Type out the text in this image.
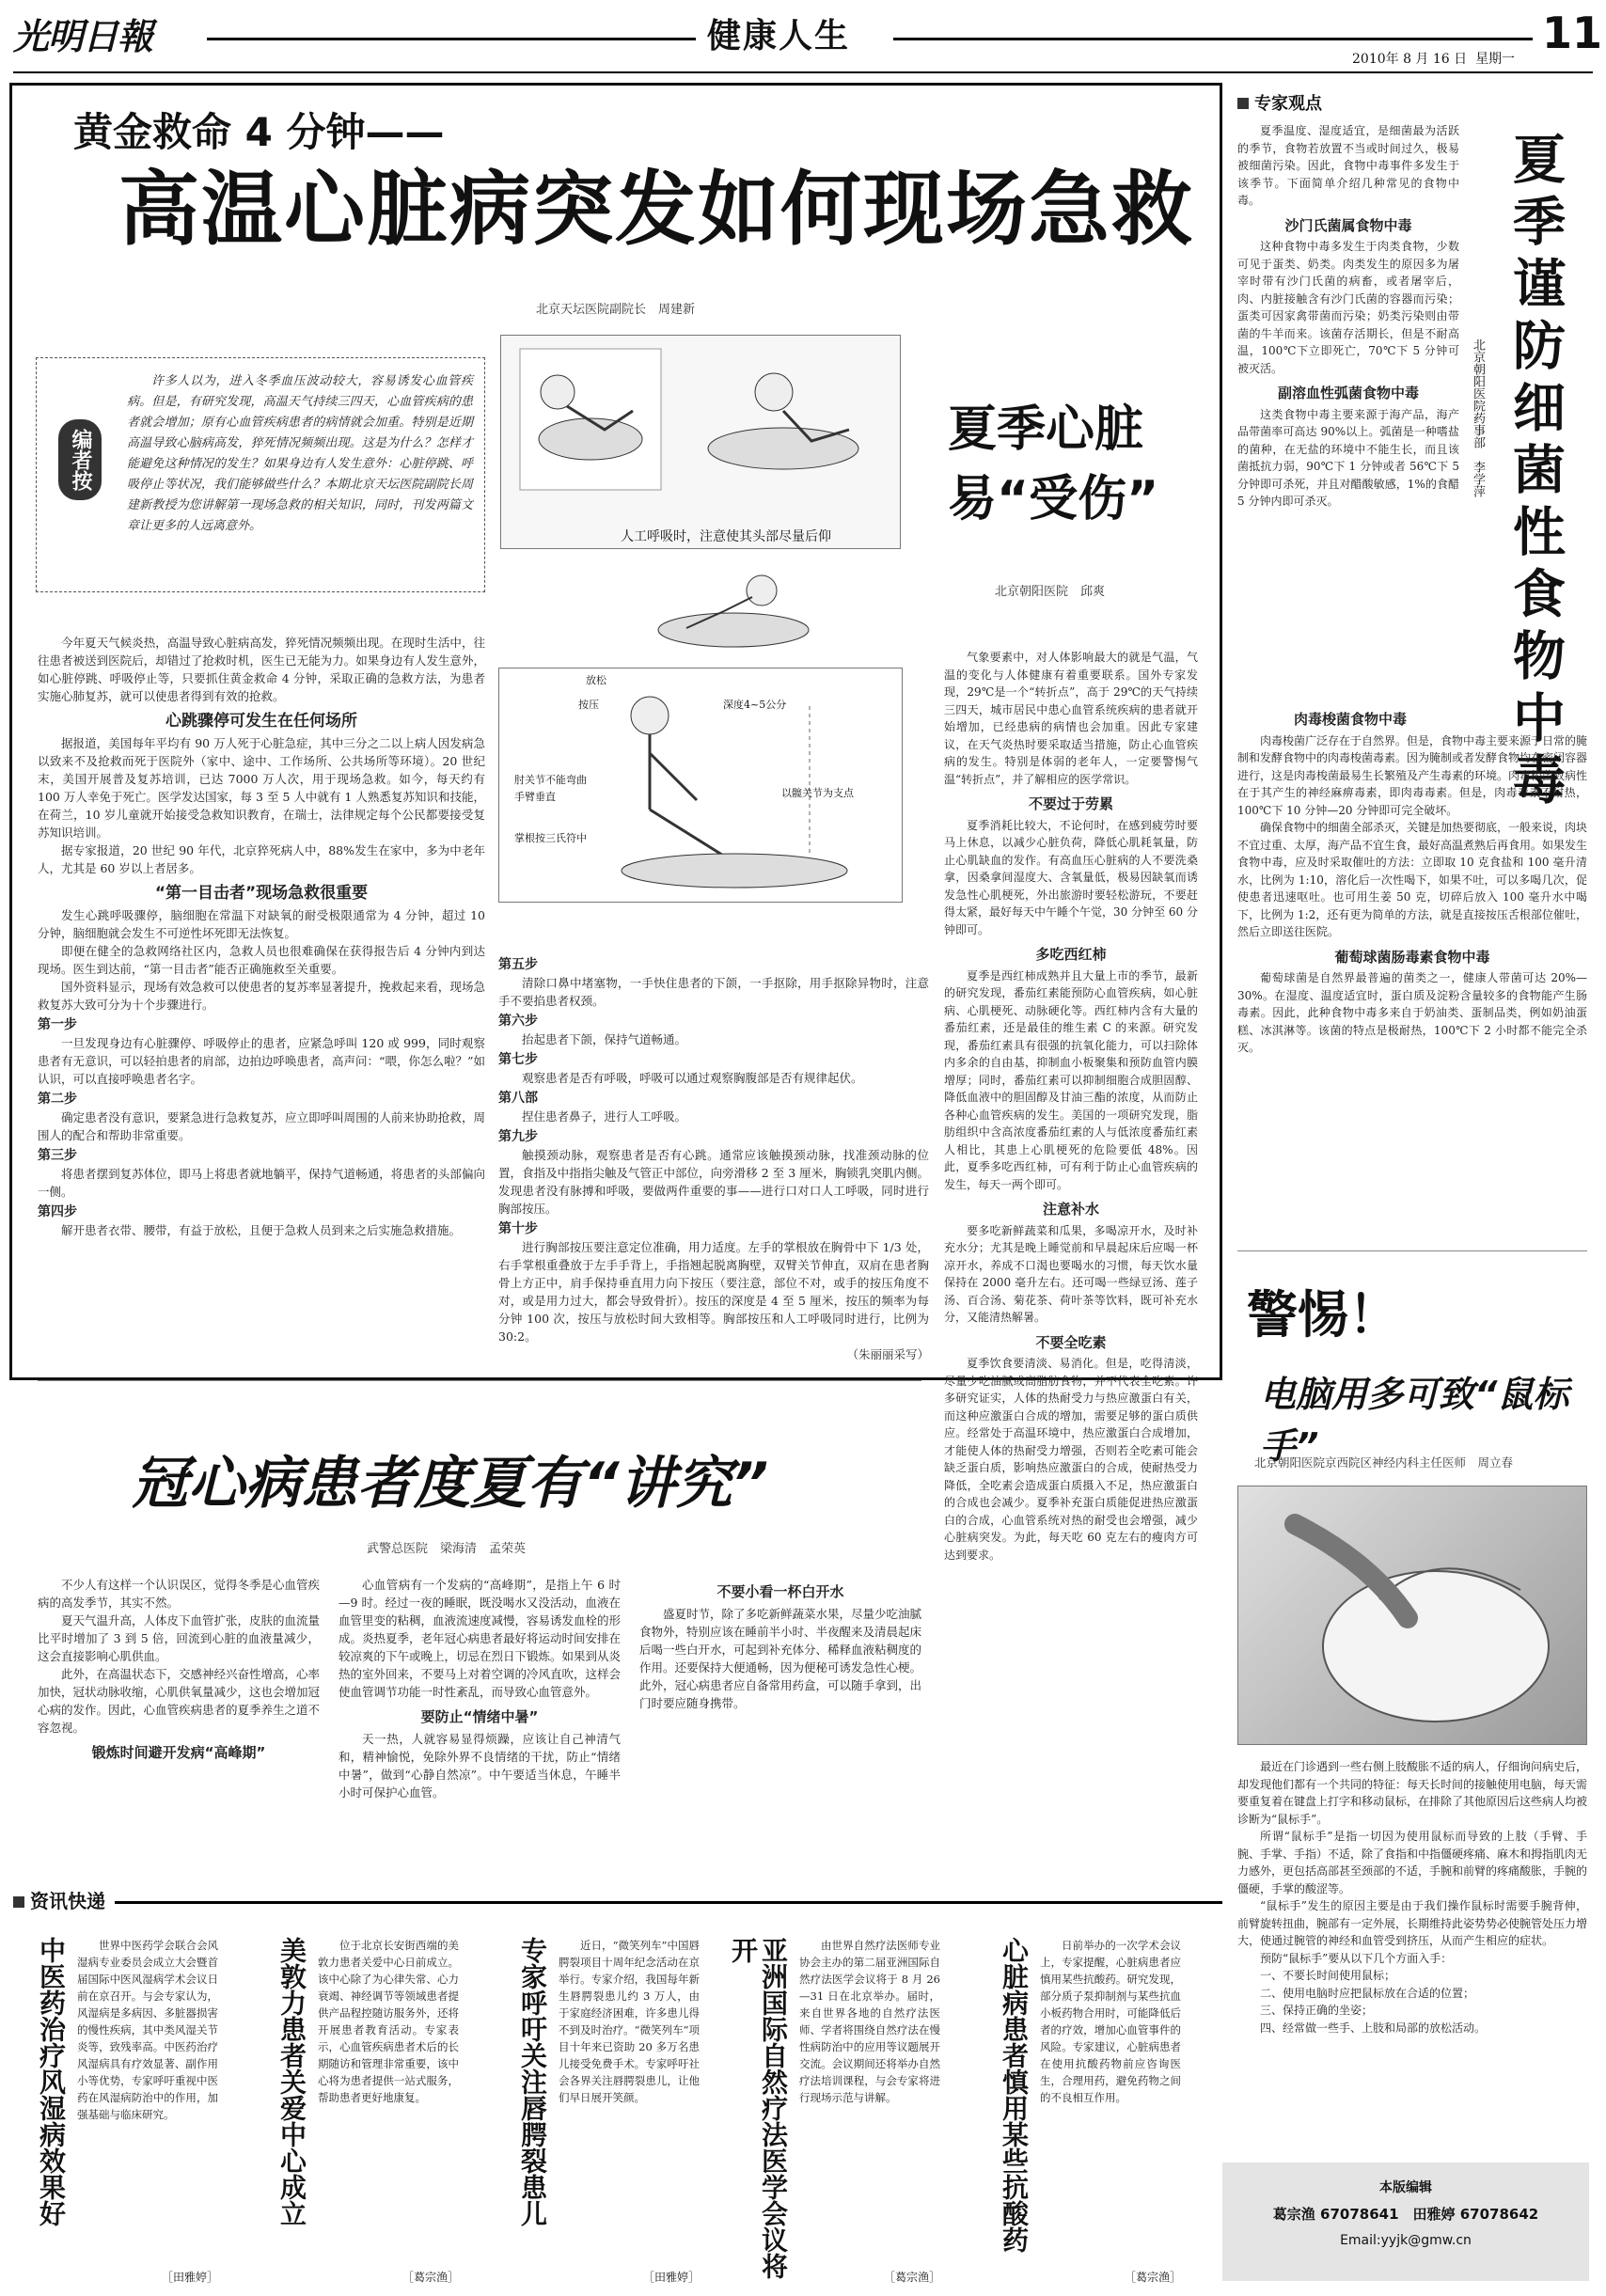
光明日報	健康人生
2010年 8 月 16 日 星期一
11
黄金救命 4 分钟——
高温心脏病突发如何现场急救
北京天坛医院副院长　周建新
许多人以为，进入冬季血压波动较大，容易诱发心血管疾病。但是，有研究发现，高温天气持续三四天，心血管疾病的患者就会增加；原有心血管疾病患者的病情就会加重。特别是近期高温导致心脑病高发，猝死情况频频出现。这是为什么？怎样才能避免这种情况的发生？如果身边有人发生意外：心脏停跳、呼吸停止等状况，我们能够做些什么？本期北京天坛医院副院长周建新教授为您讲解第一现场急救的相关知识，同时，刊发两篇文章让更多的人远离意外。
编者按
人工呼吸时，注意使其头部尽量后仰
放松
按压	深度4~5公分
肘关节不能弯曲
手臂垂直
掌根按三氏符中
以髋关节为支点

今年夏天气候炎热，高温导致心脏病高发，猝死情况频频出现。在现时生活中，往往患者被送到医院后，却错过了抢救时机，医生已无能为力。如果身边有人发生意外，如心脏停跳、呼吸停止等，只要抓住黄金救命 4 分钟，采取正确的急救方法，为患者实施心肺复苏，就可以使患者得到有效的抢救。

心跳骤停可发生在任何场所

据报道，美国每年平均有 90 万人死于心脏急症，其中三分之二以上病人因发病急以致来不及抢救而死于医院外（家中、途中、工作场所、公共场所等环境）。20 世纪末，美国开展普及复苏培训，已达 7000 万人次，用于现场急救。如今，每天约有 100 万人幸免于死亡。医学发达国家，每 3 至 5 人中就有 1 人熟悉复苏知识和技能，在荷兰，10 岁儿童就开始接受急救知识教育，在瑞士，法律规定每个公民都要接受复苏知识培训。

据专家报道，20 世纪 90 年代，北京猝死病人中，88%发生在家中，多为中老年人，尤其是 60 岁以上者居多。

“第一目击者”现场急救很重要

发生心跳呼吸骤停，脑细胞在常温下对缺氧的耐受极限通常为 4 分钟，超过 10 分钟，脑细胞就会发生不可逆性坏死即无法恢复。

即便在健全的急救网络社区内，急救人员也很难确保在获得报告后 4 分钟内到达现场。医生到达前，“第一目击者”能否正确施救至关重要。

国外资料显示，现场有效急救可以使患者的复苏率显著提升，挽救起来看，现场急救复苏大致可分为十个步骤进行。

第一步

一旦发现身边有心脏骤停、呼吸停止的患者，应紧急呼叫 120 或 999，同时观察患者有无意识，可以轻拍患者的肩部，边拍边呼唤患者，高声问：“喂，你怎么啦？”如认识，可以直接呼唤患者名字。

第二步

确定患者没有意识，要紧急进行急救复苏，应立即呼叫周围的人前来协助抢救，周围人的配合和帮助非常重要。

第三步

将患者摆到复苏体位，即马上将患者就地躺平，保持气道畅通，将患者的头部偏向一侧。

第四步

解开患者衣带、腰带，有益于放松，且便于急救人员到来之后实施急救措施。

第五步

清除口鼻中堵塞物，一手快住患者的下颌，一手抠除，用手抠除异物时，注意手不要掐患者权颈。

第六步

抬起患者下颌，保持气道畅通。

第七步

观察患者是否有呼吸，呼吸可以通过观察胸腹部是否有规律起伏。

第八部

捏住患者鼻子，进行人工呼吸。

第九步

触摸颈动脉，观察患者是否有心跳。通常应该触摸颈动脉，找准颈动脉的位置，食指及中指指尖触及气管正中部位，向旁滑移 2 至 3 厘米，胸锁乳突肌内侧。发现患者没有脉搏和呼吸，要做两件重要的事——进行口对口人工呼吸，同时进行胸部按压。

第十步

进行胸部按压要注意定位准确，用力适度。左手的掌根放在胸骨中下 1/3 处，右手掌根重叠放于左手手背上，手指翘起脱离胸壁，双臂关节伸直，双肩在患者胸骨上方正中，肩手保持垂直用力向下按压（要注意，部位不对，或手的按压角度不对，或是用力过大，都会导致骨折）。按压的深度是 4 至 5 厘米，按压的频率为每分钟 100 次，按压与放松时间大致相等。胸部按压和人工呼吸同时进行，比例为 30:2。

（朱丽丽采写）

夏季心脏易“受伤”
北京朝阳医院　邱爽

气象要素中，对人体影响最大的就是气温，气温的变化与人体健康有着重要联系。国外专家发现，29℃是一个“转折点”，高于 29℃的天气持续三四天，城市居民中患心血管系统疾病的患者就开始增加，已经患病的病情也会加重。因此专家建议，在天气炎热时要采取适当措施，防止心血管疾病的发生。特别是体弱的老年人，一定要警惕气温“转折点”，并了解相应的医学常识。

不要过于劳累

夏季消耗比较大，不论何时，在感到疲劳时要马上休息，以减少心脏负荷，降低心肌耗氧量，防止心肌缺血的发作。有高血压心脏病的人不要洗桑拿，因桑拿间湿度大、含氧量低，极易因缺氧而诱发急性心肌梗死，外出旅游时要轻松游玩，不要赶得太紧，最好每天中午睡个午觉，30 分钟至 60 分钟即可。

多吃西红柿

夏季是西红柿成熟并且大量上市的季节，最新的研究发现，番茄红素能预防心血管疾病，如心脏病、心肌梗死、动脉硬化等。西红柿内含有大量的番茄红素，还是最佳的维生素 C 的来源。研究发现，番茄红素具有很强的抗氧化能力，可以扫除体内多余的自由基，抑制血小板聚集和预防血管内膜增厚；同时，番茄红素可以抑制细胞合成胆固醇、降低血液中的胆固醇及甘油三酯的浓度，从而防止各种心血管疾病的发生。美国的一项研究发现，脂肪组织中含高浓度番茄红素的人与低浓度番茄红素人相比，其患上心肌梗死的危险要低 48%。因此，夏季多吃西红柿，可有利于防止心血管疾病的发生，每天一两个即可。

注意补水

要多吃新鲜蔬菜和瓜果，多喝凉开水，及时补充水分；尤其是晚上睡觉前和早晨起床后应喝一杯凉开水，养成不口渴也要喝水的习惯，每天饮水量保持在 2000 毫升左右。还可喝一些绿豆汤、莲子汤、百合汤、菊花茶、荷叶茶等饮料，既可补充水分，又能清热解暑。

不要全吃素

夏季饮食要清淡、易消化。但是，吃得清淡，尽量少吃油腻或高脂肪食物，并不代表全吃素。许多研究证实，人体的热耐受力与热应激蛋白有关，而这种应激蛋白合成的增加，需要足够的蛋白质供应。经常处于高温环境中，热应激蛋白合成增加，才能使人体的热耐受力增强，否则若全吃素可能会缺乏蛋白质，影响热应激蛋白的合成，使耐热受力降低，全吃素会造成蛋白质摄入不足，热应激蛋白的合成也会减少。夏季补充蛋白质能促进热应激蛋白的合成，心血管系统对热的耐受也会增强，减少心脏病突发。为此，每天吃 60 克左右的瘦肉方可达到要求。

冠心病患者度夏有“讲究”
武警总医院　梁海清　孟荣英

不少人有这样一个认识误区，觉得冬季是心血管疾病的高发季节，其实不然。

夏天气温升高，人体皮下血管扩张，皮肤的血流量比平时增加了 3 到 5 倍，回流到心脏的血液量减少，这会直接影响心肌供血。

此外，在高温状态下，交感神经兴奋性增高，心率加快，冠状动脉收缩，心肌供氧量减少，这也会增加冠心病的发作。因此，心血管疾病患者的夏季养生之道不容忽视。

锻炼时间避开发病“高峰期”

心血管病有一个发病的“高峰期”，是指上午 6 时—9 时。经过一夜的睡眠，既没喝水又没活动，血液在血管里变的粘稠，血液流速度减慢，容易诱发血栓的形成。炎热夏季，老年冠心病患者最好将运动时间安排在较凉爽的下午或晚上，切忌在烈日下锻炼。如果到从炎热的室外回来，不要马上对着空调的冷风直吹，这样会使血管调节功能一时性紊乱，而导致心血管意外。

要防止“情绪中暑”

天一热，人就容易显得烦躁，应该让自己神清气和，精神愉悦，免除外界不良情绪的干扰，防止“情绪中暑”，做到“心静自然凉”。中午要适当休息，午睡半小时可保护心血管。

不要小看一杯白开水

盛夏时节，除了多吃新鲜蔬菜水果，尽量少吃油腻食物外，特别应该在睡前半小时、半夜醒来及清晨起床后喝一些白开水，可起到补充体分、稀释血液粘稠度的作用。还要保持大便通畅，因为便秘可诱发急性心梗。此外，冠心病患者应自备常用药盒，可以随手拿到，出门时要应随身携带。

专家观点
夏季谨防细菌性食物中毒
北京朝阳医院药事部　李学萍

夏季温度、湿度适宜，是细菌最为活跃的季节，食物若放置不当或时间过久，极易被细菌污染。因此，食物中毒事件多发生于该季节。下面简单介绍几种常见的食物中毒。

沙门氏菌属食物中毒

这种食物中毒多发生于肉类食物，少数可见于蛋类、奶类。肉类发生的原因多为屠宰时带有沙门氏菌的病畜，或者屠宰后，肉、内脏接触含有沙门氏菌的容器而污染；蛋类可因家禽带菌而污染；奶类污染则由带菌的牛羊而来。该菌存活期长，但是不耐高温，100℃下立即死亡，70℃下 5 分钟可被灭活。

副溶血性弧菌食物中毒

这类食物中毒主要来源于海产品，海产品带菌率可高达 90%以上。弧菌是一种嗜盐的菌种，在无盐的环境中不能生长，而且该菌抵抗力弱，90℃下 1 分钟或者 56℃下 5 分钟即可杀死，并且对醋酸敏感，1%的食醋 5 分钟内即可杀灭。

肉毒梭菌食物中毒

肉毒梭菌广泛存在于自然界。但是，食物中毒主要来源于日常的腌制和发酵食物中的肉毒梭菌毒素。因为腌制或者发酵食物均在密闭容器进行，这是肉毒梭菌最易生长繁殖及产生毒素的环境。肉毒梭菌致病性在于其产生的神经麻痹毒素，即肉毒毒素。但是，肉毒毒素不耐热，100℃下 10 分钟—20 分钟即可完全破坏。

确保食物中的细菌全部杀灭，关键是加热要彻底，一般来说，肉块不宜过重、太厚，海产品不宜生食，最好高温煮熟后再食用。如果发生食物中毒，应及时采取催吐的方法：立即取 10 克食盐和 100 毫升清水，比例为 1:10，溶化后一次性喝下，如果不吐，可以多喝几次，促使患者迅速呕吐。也可用生姜 50 克，切碎后放入 100 毫升水中喝下，比例为 1:2，还有更为简单的方法，就是直接按压舌根部位催吐，然后立即送往医院。

葡萄球菌肠毒素食物中毒

葡萄球菌是自然界最普遍的菌类之一，健康人带菌可达 20%—30%。在湿度、温度适宜时，蛋白质及淀粉含量较多的食物能产生肠毒素。因此，此种食物中毒多来自于奶油类、蛋制品类，例如奶油蛋糕、冰淇淋等。该菌的特点是极耐热，100℃下 2 小时都不能完全杀灭。

警惕！
电脑用多可致“鼠标手”
北京朝阳医院京西院区神经内科主任医师　周立春

最近在门诊遇到一些右侧上肢酸胀不适的病人，仔细询问病史后，却发现他们都有一个共同的特征：每天长时间的接触使用电脑，每天需要重复着在键盘上打字和移动鼠标，在排除了其他原因后这些病人均被诊断为“鼠标手”。

所谓“鼠标手”是指一切因为使用鼠标而导致的上肢（手臂、手腕、手掌、手指）不适，除了食指和中指僵硬疼痛、麻木和拇指肌肉无力感外，更包括高部甚至颈部的不适，手腕和前臂的疼痛酸胀，手腕的僵硬，手掌的酸涩等。

“鼠标手”发生的原因主要是由于我们操作鼠标时需要手腕背伸，前臂旋转扭曲，腕部有一定外展，长期维持此姿势势必使腕管处压力增大，使通过腕管的神经和血管受到挤压，从而产生相应的症状。

预防“鼠标手”要从以下几个方面入手：

一、不要长时间使用鼠标；

二、使用电脑时应把鼠标放在合适的位置；

三、保持正确的坐姿；

四、经常做一些手、上肢和局部的放松活动。

资讯快递
中医药治疗风湿病效果好	世界中医药学会联合会风湿病专业委员会成立大会暨首届国际中医风湿病学术会议日前在京召开。与会专家认为，风湿病是多病因、多脏器损害的慢性疾病，其中类风湿关节炎等，致残率高。中医药治疗风湿病具有疗效显著、副作用小等优势，专家呼吁重视中医药在风湿病防治中的作用，加强基础与临床研究。
［田雅婷］
美敦力患者关爱中心成立	位于北京长安街西端的美敦力患者关爱中心日前成立。该中心除了为心律失常、心力衰竭、神经调节等领域患者提供产品程控随访服务外，还将开展患者教育活动。专家表示，心血管疾病患者术后的长期随访和管理非常重要，该中心将为患者提供一站式服务，帮助患者更好地康复。
［葛宗渔］
专家呼吁关注唇腭裂患儿	近日，“微笑列车”中国唇腭裂项目十周年纪念活动在京举行。专家介绍，我国每年新生唇腭裂患儿约 3 万人，由于家庭经济困难，许多患儿得不到及时治疗。“微笑列车”项目十年来已资助 20 多万名患儿接受免费手术。专家呼吁社会各界关注唇腭裂患儿，让他们早日展开笑颜。
［田雅婷］ 亚洲国际自然疗法医学会议将开	由世界自然疗法医师专业协会主办的第二届亚洲国际自然疗法医学会议将于 8 月 26—31 日在北京举办。届时，来自世界各地的自然疗法医师、学者将围绕自然疗法在慢性病防治中的应用等议题展开交流。会议期间还将举办自然疗法培训课程，与会专家将进行现场示范与讲解。
［葛宗渔］
心脏病患者慎用某些抗酸药	日前举办的一次学术会议上，专家提醒，心脏病患者应慎用某些抗酸药。研究发现，部分质子泵抑制剂与某些抗血小板药物合用时，可能降低后者的疗效，增加心血管事件的风险。专家建议，心脏病患者在使用抗酸药物前应咨询医生，合理用药，避免药物之间的不良相互作用。
［葛宗渔］
本版编辑
葛宗渔 67078641　田雅婷 67078642
Email:yyjk@gmw.cn
